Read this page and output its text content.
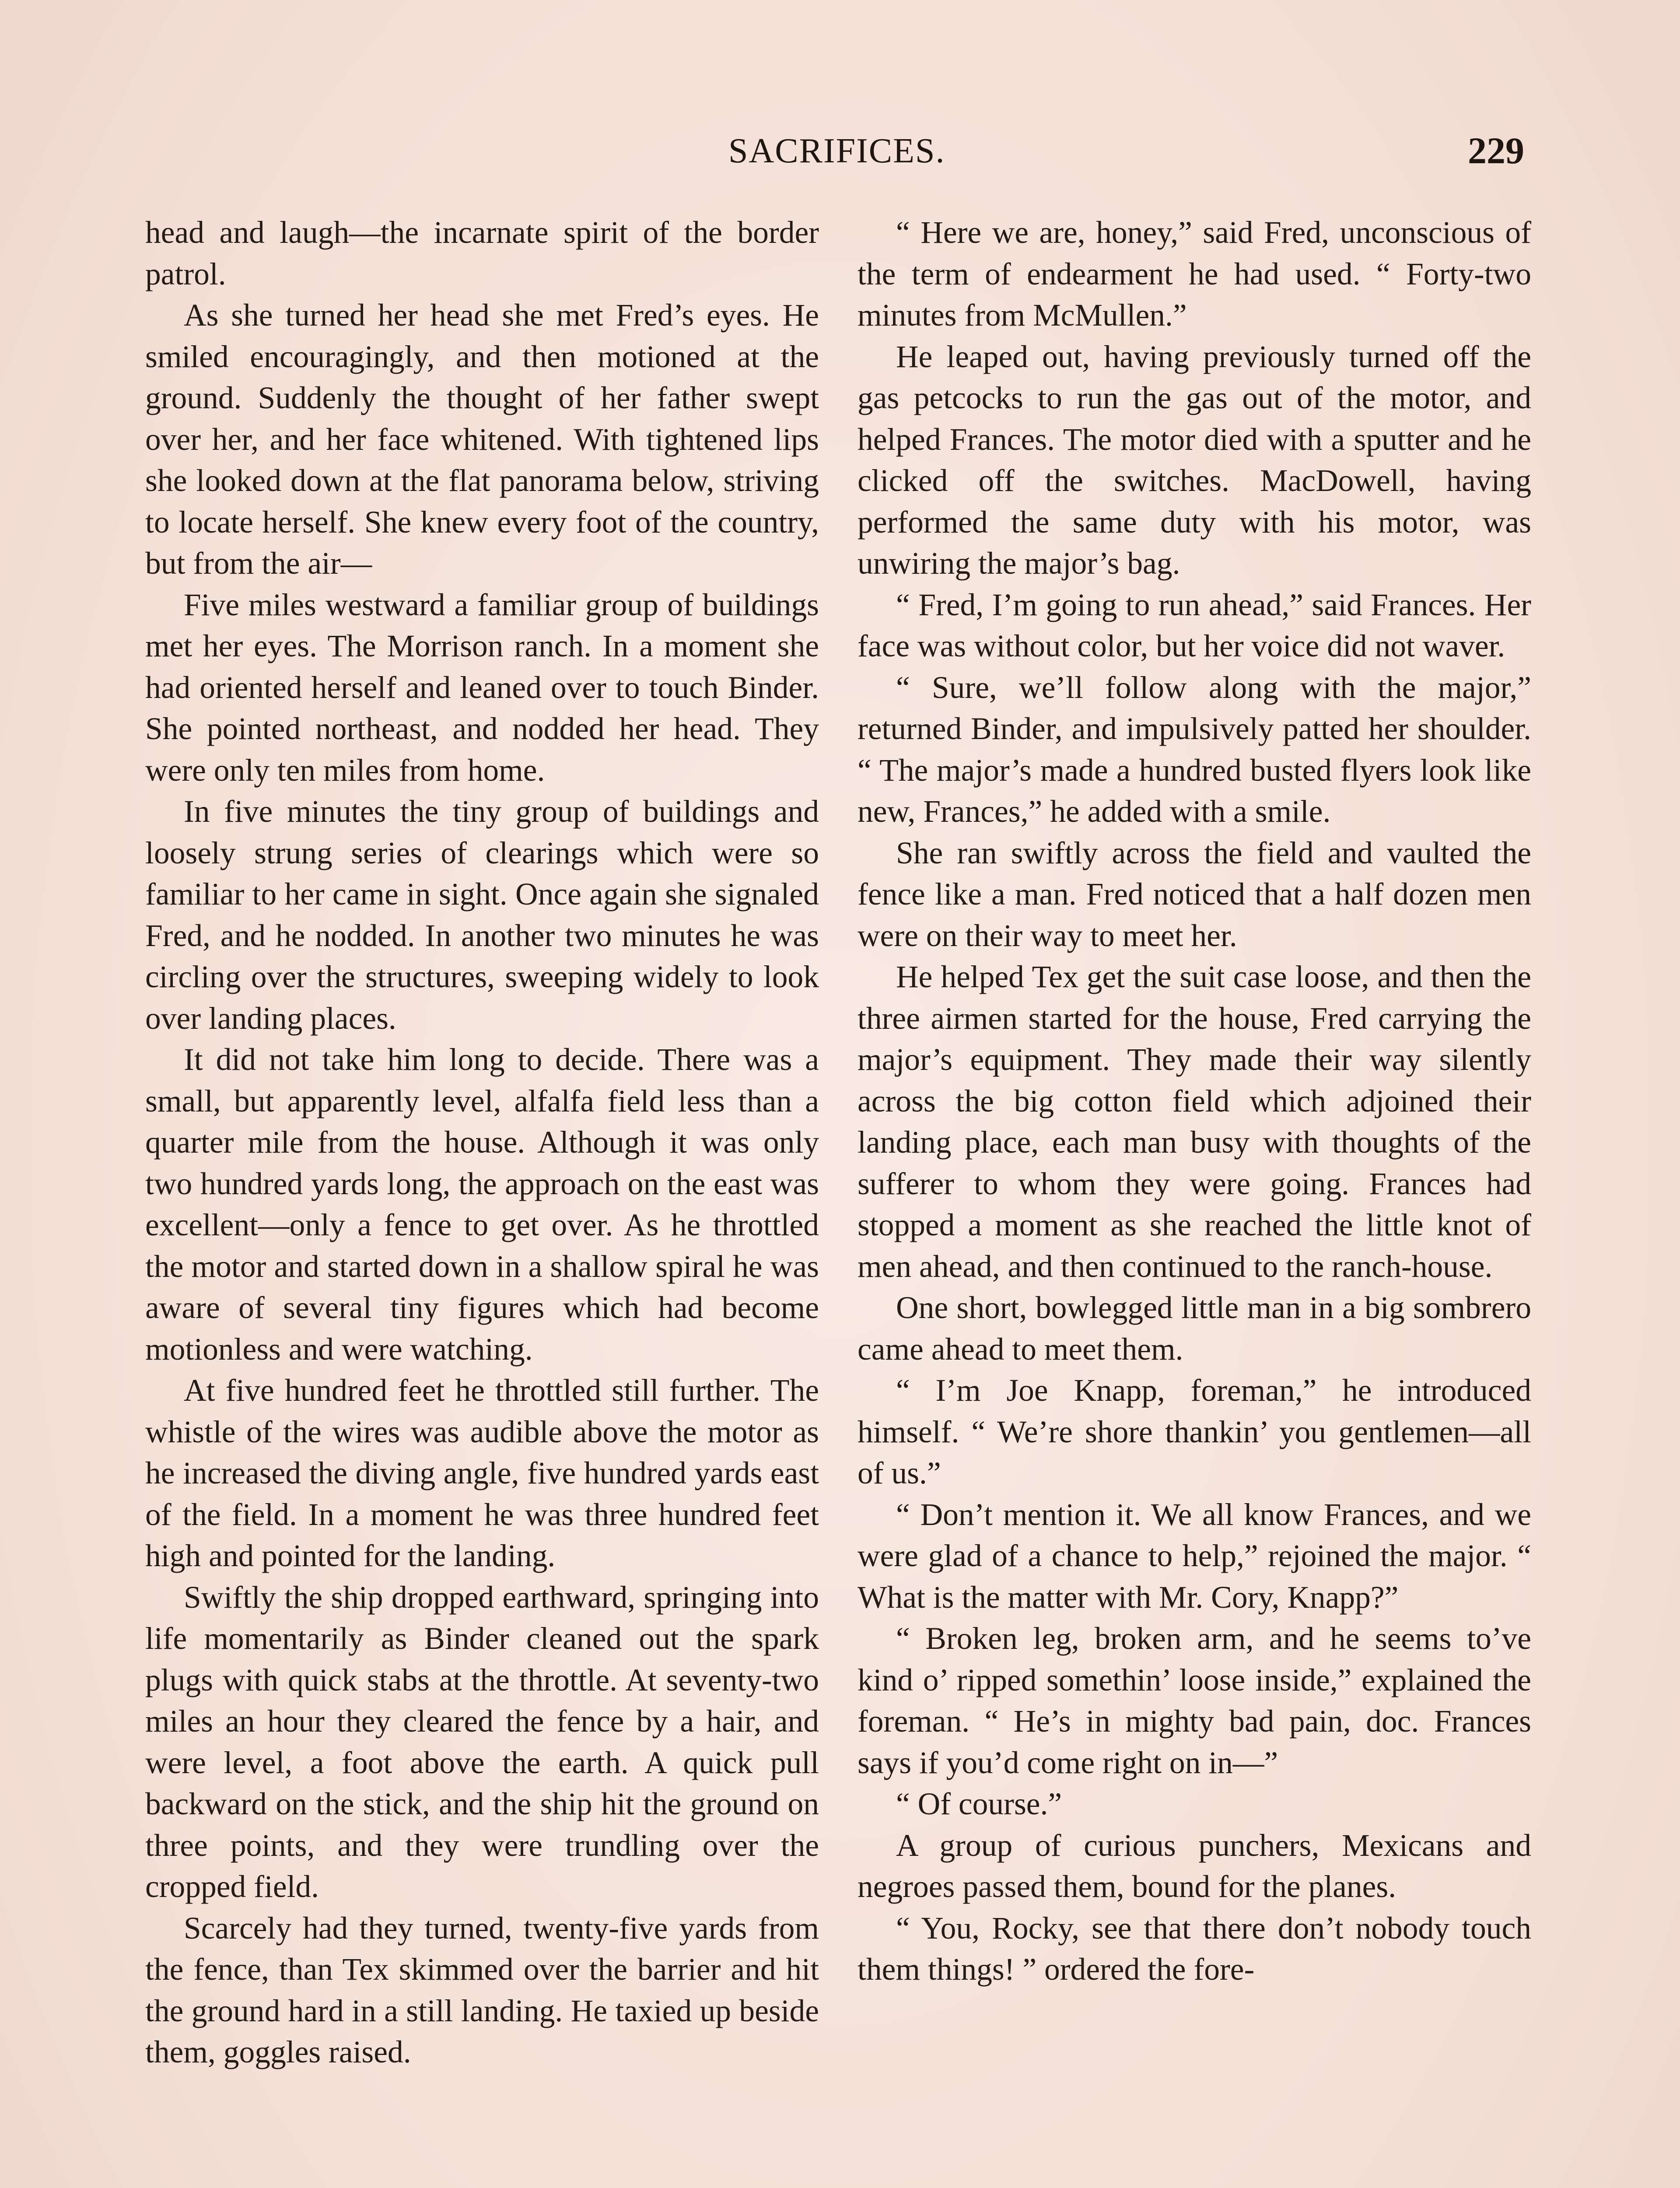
SACRIFICES.	229

head and laugh—the incarnate spirit of the border patrol.

As she turned her head she met Fred’s eyes. He smiled encouragingly, and then motioned at the ground. Suddenly the thought of her father swept over her, and her face whitened. With tightened lips she looked down at the flat panorama below, striving to locate herself. She knew every foot of the country, but from the air—

Five miles westward a familiar group of buildings met her eyes. The Morrison ranch. In a moment she had oriented herself and leaned over to touch Binder. She pointed northeast, and nodded her head. They were only ten miles from home.

In five minutes the tiny group of buildings and loosely strung series of clearings which were so familiar to her came in sight. Once again she signaled Fred, and he nodded. In another two minutes he was circling over the structures, sweeping widely to look over landing places.

It did not take him long to decide. There was a small, but apparently level, alfalfa field less than a quarter mile from the house. Although it was only two hundred yards long, the approach on the east was excellent—only a fence to get over. As he throttled the motor and started down in a shallow spiral he was aware of several tiny figures which had become motionless and were watching.

At five hundred feet he throttled still further. The whistle of the wires was audible above the motor as he increased the diving angle, five hundred yards east of the field. In a moment he was three hundred feet high and pointed for the landing.

Swiftly the ship dropped earthward, springing into life momentarily as Binder cleaned out the spark plugs with quick stabs at the throttle. At seventy-two miles an hour they cleared the fence by a hair, and were level, a foot above the earth. A quick pull backward on the stick, and the ship hit the ground on three points, and they were trundling over the cropped field.

Scarcely had they turned, twenty-five yards from the fence, than Tex skimmed over the barrier and hit the ground hard in a still landing. He taxied up beside them, goggles raised.

“ Here we are, honey,” said Fred, unconscious of the term of endearment he had used. “ Forty-two minutes from McMullen.”

He leaped out, having previously turned off the gas petcocks to run the gas out of the motor, and helped Frances. The motor died with a sputter and he clicked off the switches. MacDowell, having performed the same duty with his motor, was unwiring the major’s bag.

“ Fred, I’m going to run ahead,” said Frances. Her face was without color, but her voice did not waver.

“ Sure, we’ll follow along with the major,” returned Binder, and impulsively patted her shoulder. “ The major’s made a hundred busted flyers look like new, Frances,” he added with a smile.

She ran swiftly across the field and vaulted the fence like a man. Fred noticed that a half dozen men were on their way to meet her.

He helped Tex get the suit case loose, and then the three airmen started for the house, Fred carrying the major’s equipment. They made their way silently across the big cotton field which adjoined their landing place, each man busy with thoughts of the sufferer to whom they were going. Frances had stopped a moment as she reached the little knot of men ahead, and then continued to the ranch-house.

One short, bowlegged little man in a big sombrero came ahead to meet them.

“ I’m Joe Knapp, foreman,” he introduced himself. “ We’re shore thankin’ you gentlemen—all of us.”

“ Don’t mention it. We all know Frances, and we were glad of a chance to help,” rejoined the major. “ What is the matter with Mr. Cory, Knapp?”

“ Broken leg, broken arm, and he seems to’ve kind o’ ripped somethin’ loose inside,” explained the foreman. “ He’s in mighty bad pain, doc. Frances says if you’d come right on in—”

“ Of course.”

A group of curious punchers, Mexicans and negroes passed them, bound for the planes.

“ You, Rocky, see that there don’t nobody touch them things! ” ordered the fore-
